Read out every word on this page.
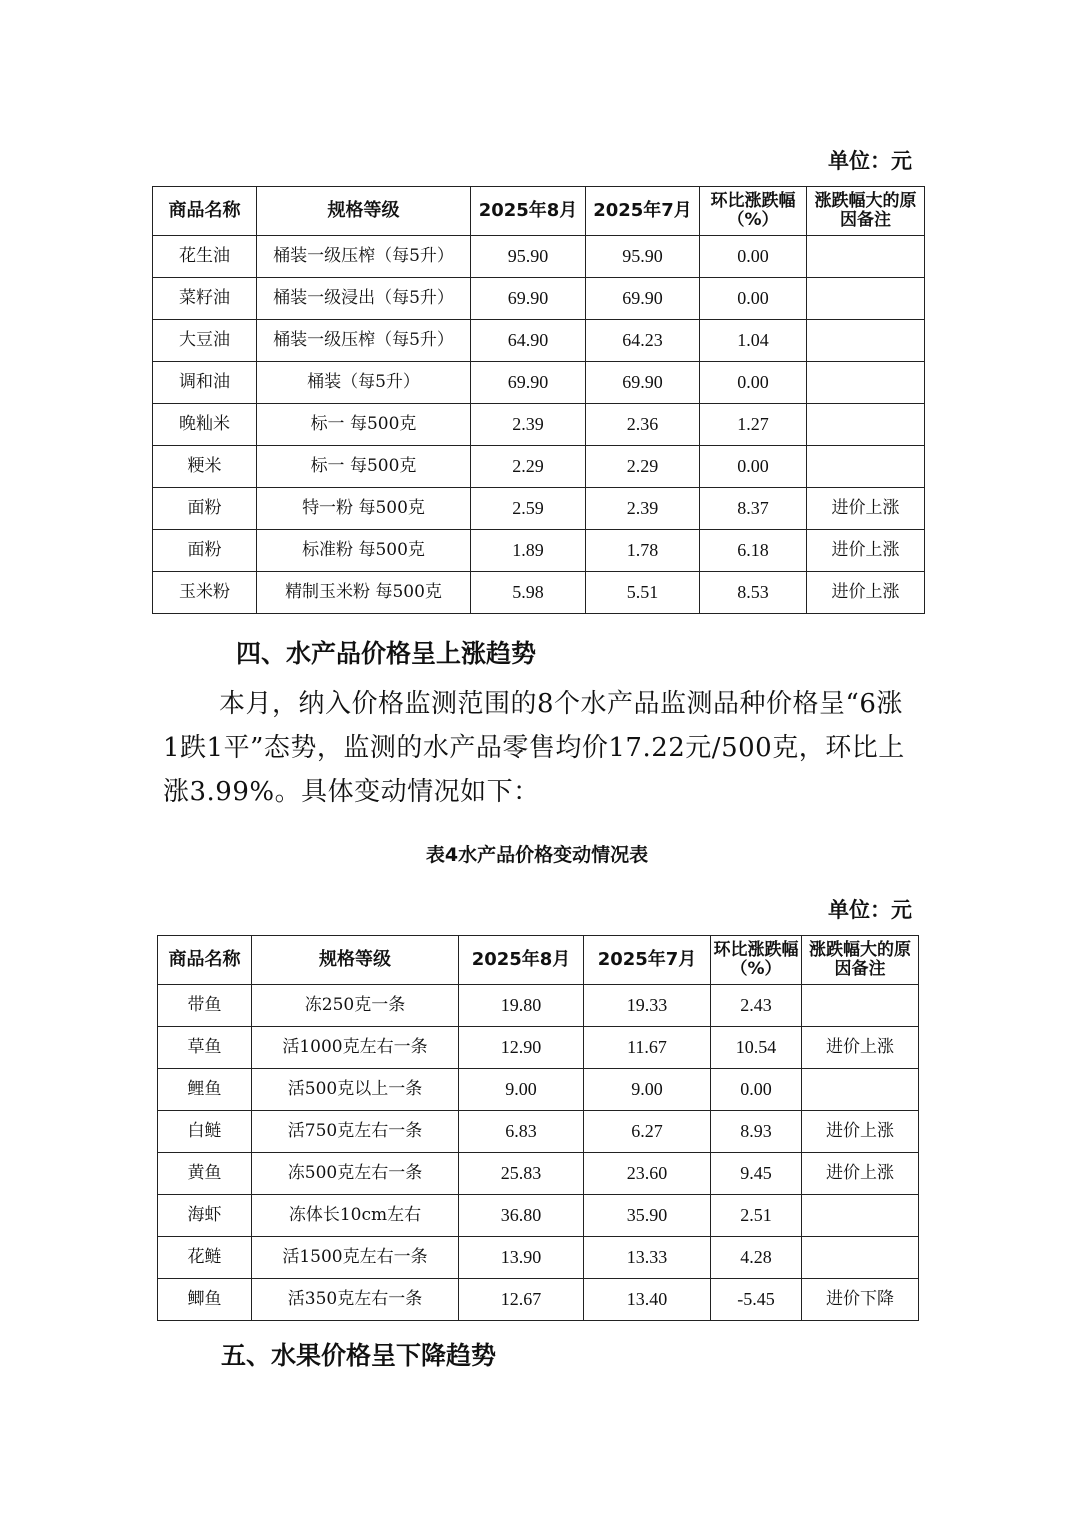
单位：元
商品名称	规格等级	2025年8月	2025年7月	环比涨跌幅（%）	涨跌幅大的原因备注
花生油	桶装一级压榨（每5升）	95.90	95.90	0.00	
菜籽油	桶装一级浸出（每5升）	69.90	69.90	0.00	
大豆油	桶装一级压榨（每5升）	64.90	64.23	1.04	
调和油	桶装（每5升）	69.90	69.90	0.00	
晚籼米	标一 每500克	2.39	2.36	1.27	
粳米	标一 每500克	2.29	2.29	0.00	
面粉	特一粉 每500克	2.59	2.39	8.37	进价上涨
面粉	标准粉 每500克	1.89	1.78	6.18	进价上涨
玉米粉	精制玉米粉 每500克	5.98	5.51	8.53	进价上涨
四、水产品价格呈上涨趋势

本月，纳入价格监测范围的8个水产品监测品种价格呈“6涨1跌1平”态势，监测的水产品零售均价17.22元/500克，环比上涨3.99%。具体变动情况如下：

表4水产品价格变动情况表
单位：元
商品名称	规格等级	2025年8月	2025年7月	环比涨跌幅（%）	涨跌幅大的原因备注
带鱼	冻250克一条	19.80	19.33	2.43	
草鱼	活1000克左右一条	12.90	11.67	10.54	进价上涨
鲤鱼	活500克以上一条	9.00	9.00	0.00	
白鲢	活750克左右一条	6.83	6.27	8.93	进价上涨
黄鱼	冻500克左右一条	25.83	23.60	9.45	进价上涨
海虾	冻体长10cm左右	36.80	35.90	2.51	
花鲢	活1500克左右一条	13.90	13.33	4.28	
鲫鱼	活350克左右一条	12.67	13.40	-5.45	进价下降
五、水果价格呈下降趋势
